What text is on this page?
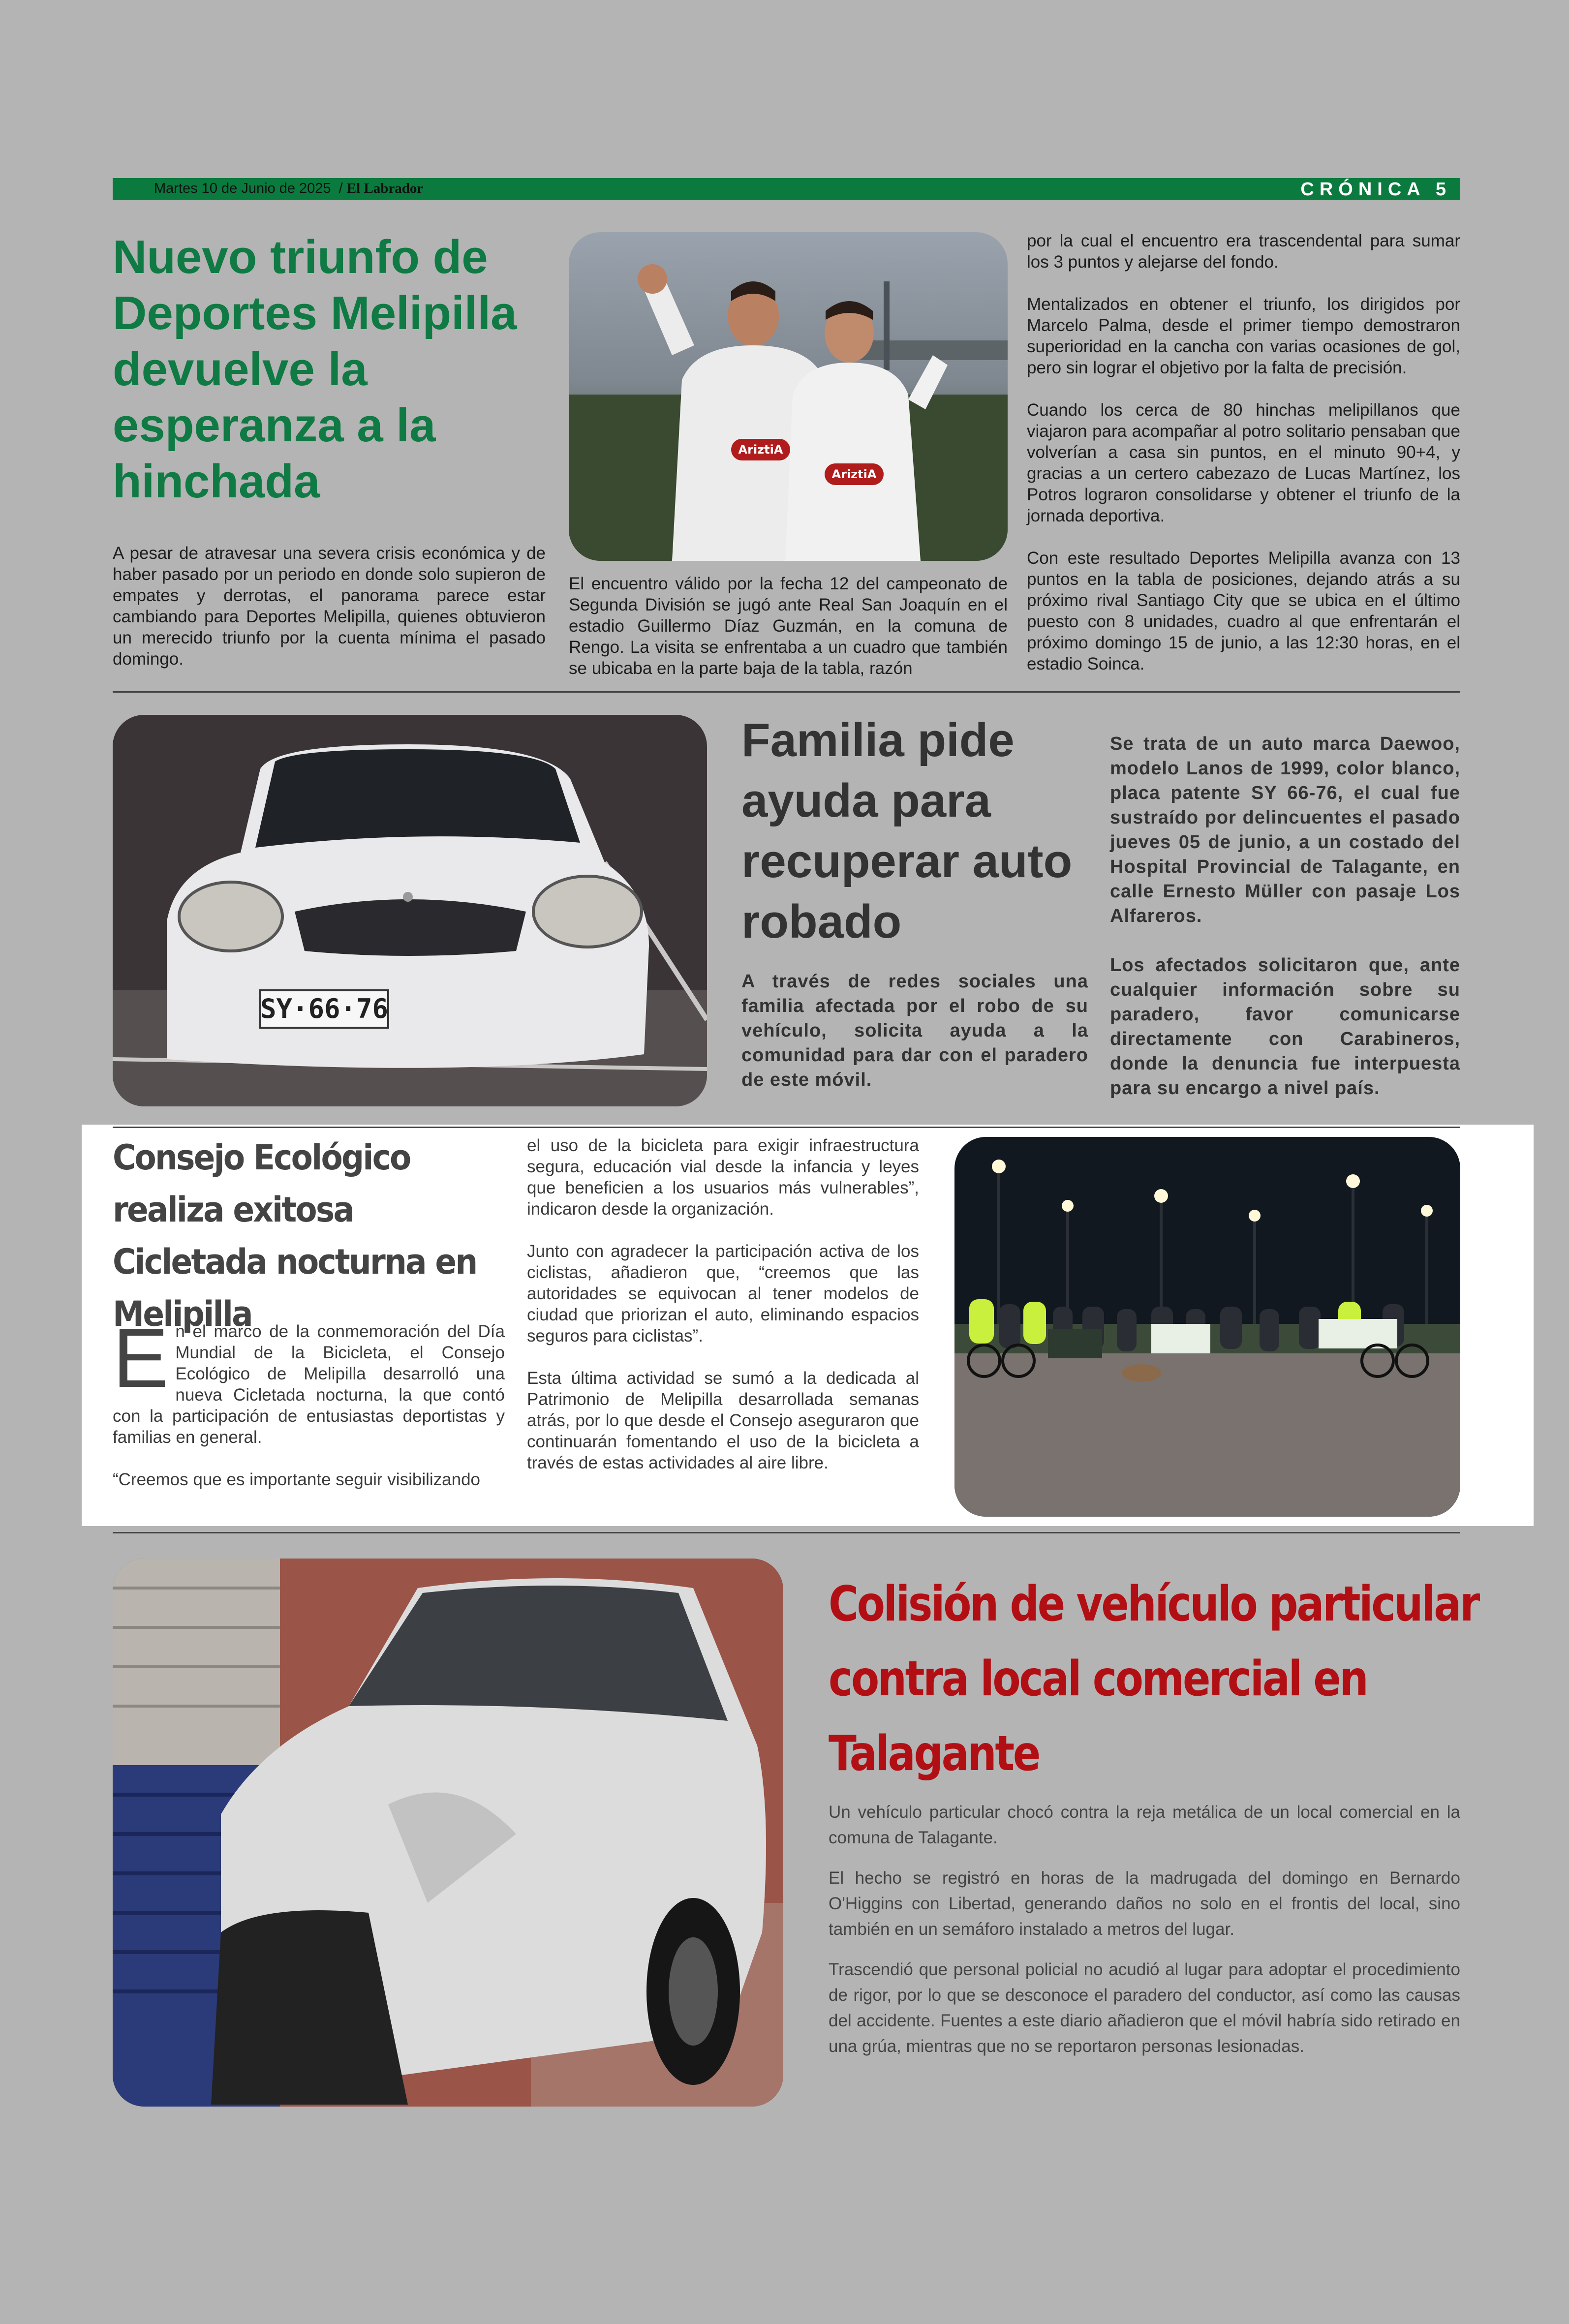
Martes 10 de Junio de 2025 / El Labrador	CRÓNICA 5
Nuevo triunfo de Deportes Melipilla devuelve la esperanza a la hinchada
A pesar de atravesar una severa crisis económica y de haber pasado por un periodo en donde solo supieron de empates y derrotas, el panorama parece estar cambiando para Deportes Melipilla, quienes obtuvieron un merecido triunfo por la cuenta mínima el pasado domingo.
AriztiA
AriztiA
El encuentro válido por la fecha 12 del campeonato de Segunda División se jugó ante Real San Joaquín en el estadio Guillermo Díaz Guzmán, en la comuna de Rengo. La visita se enfrentaba a un cuadro que también se ubicaba en la parte baja de la tabla, razón

por la cual el encuentro era trascendental para sumar los 3 puntos y alejarse del fondo.

Mentalizados en obtener el triunfo, los dirigidos por Marcelo Palma, desde el primer tiempo demostraron superioridad en la cancha con varias ocasiones de gol, pero sin lograr el objetivo por la falta de precisión.

Cuando los cerca de 80 hinchas melipillanos que viajaron para acompañar al potro solitario pensaban que volverían a casa sin puntos, en el minuto 90+4, y gracias a un certero cabezazo de Lucas Martínez, los Potros lograron consolidarse y obtener el triunfo de la jornada deportiva.

Con este resultado Deportes Melipilla avanza con 13 puntos en la tabla de posiciones, dejando atrás a su próximo rival Santiago City que se ubica en el último puesto con 8 unidades, cuadro al que enfrentarán el próximo domingo 15 de junio, a las 12:30 horas, en el estadio Soinca.

SY·66·76
Familia pide ayuda para recuperar auto robado
A través de redes sociales una familia afectada por el robo de su vehículo, solicita ayuda a la comunidad para dar con el paradero de este móvil.

Se trata de un auto marca Daewoo, modelo Lanos de 1999, color blanco, placa patente SY 66-76, el cual fue sustraído por delincuentes el pasado jueves 05 de junio, a un costado del Hospital Provincial de Talagante, en calle Ernesto Müller con pasaje Los Alfareros.

Los afectados solicitaron que, ante cualquier información sobre su paradero, favor comunicarse directamente con Carabineros, donde la denuncia fue interpuesta para su encargo a nivel país.

Consejo Ecológico realiza exitosa Cicletada nocturna en Melipilla

En el marco de la conmemoración del Día Mundial de la Bicicleta, el Consejo Ecológico de Melipilla desarrolló una nueva Cicletada nocturna, la que contó con la participación de entusiastas deportistas y familias en general.

“Creemos que es importante seguir visibilizando

el uso de la bicicleta para exigir infraestructura segura, educación vial desde la infancia y leyes que beneficien a los usuarios más vulnerables”, indicaron desde la organización.

Junto con agradecer la participación activa de los ciclistas, añadieron que, “creemos que las autoridades se equivocan al tener modelos de ciudad que priorizan el auto, eliminando espacios seguros para ciclistas”.

Esta última actividad se sumó a la dedicada al Patrimonio de Melipilla desarrollada semanas atrás, por lo que desde el Consejo aseguraron que continuarán fomentando el uso de la bicicleta a través de estas actividades al aire libre.

Colisión de vehículo particular
contra local comercial en
Talagante

Un vehículo particular chocó contra la reja metálica de un local comercial en la comuna de Talagante.

El hecho se registró en horas de la madrugada del domingo en Bernardo O'Higgins con Libertad, generando daños no solo en el frontis del local, sino también en un semáforo instalado a metros del lugar.

Trascendió que personal policial no acudió al lugar para adoptar el procedimiento de rigor, por lo que se desconoce el paradero del conductor, así como las causas del accidente. Fuentes a este diario añadieron que el móvil habría sido retirado en una grúa, mientras que no se reportaron personas lesionadas.
